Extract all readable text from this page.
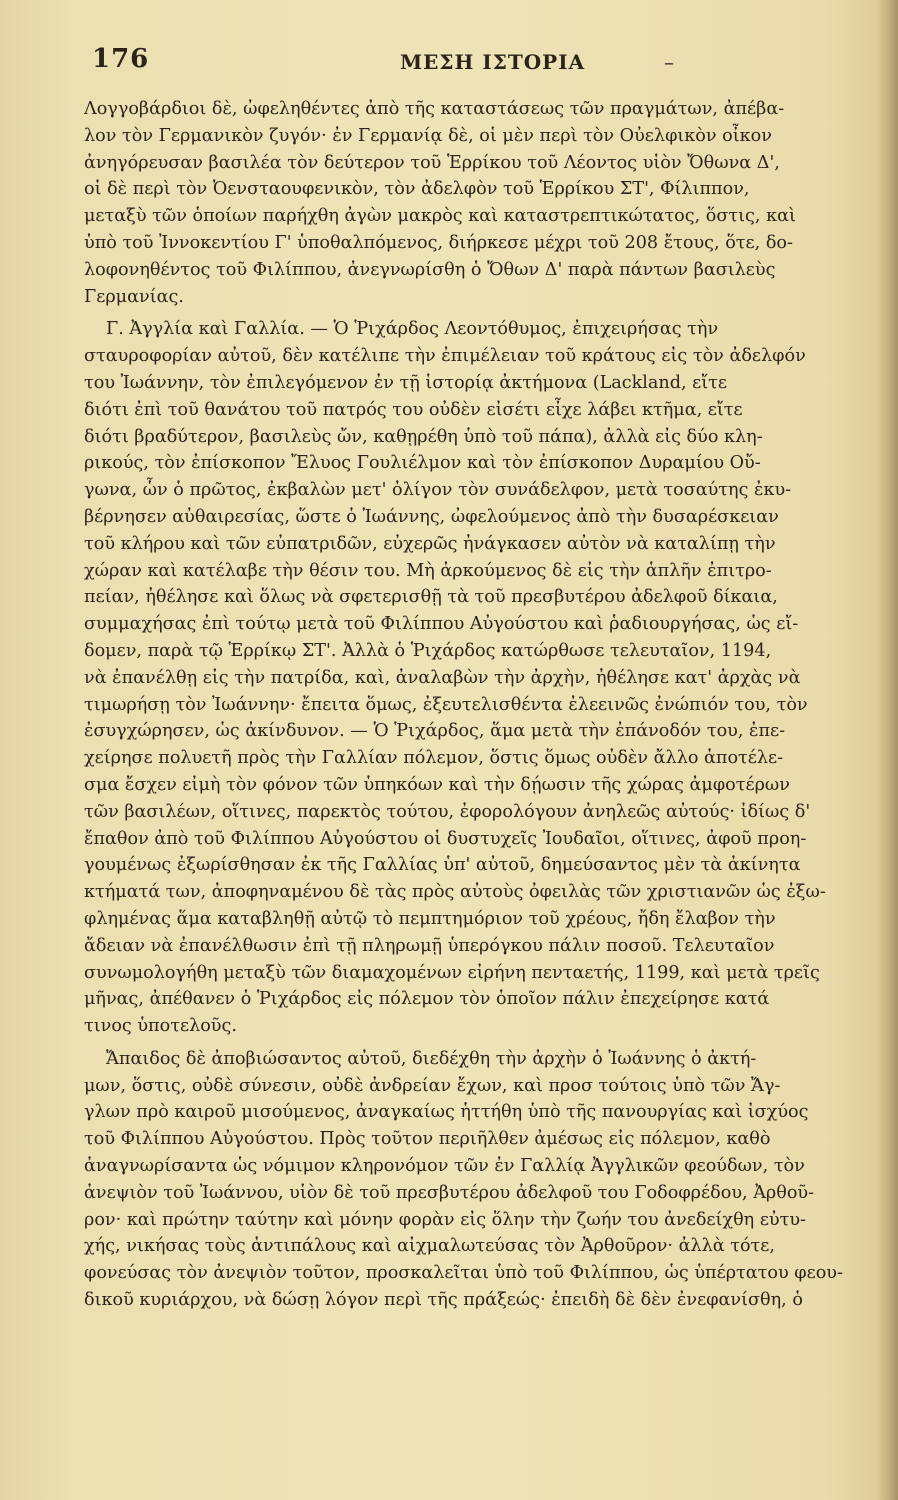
176	ΜΕΣΗ ΙΣΤΟΡΙΑ	–

Λογγοβάρδιοι δὲ, ὠφεληθέντες ἀπὸ τῆς καταστάσεως τῶν πραγμάτων, ἀπέβα-
λον τὸν Γερμανικὸν ζυγόν· ἐν Γερμανίᾳ δὲ, οἱ μὲν περὶ τὸν Οὐελφικὸν οἶκον
ἀνηγόρευσαν βασιλέα τὸν δεύτερον τοῦ Ἑρρίκου τοῦ Λέοντος υἱὸν Ὄθωνα Δ',
οἱ δὲ περὶ τὸν Ὀενσταουφενικὸν, τὸν ἀδελφὸν τοῦ Ἑρρίκου ΣΤ', Φίλιππον,
μεταξὺ τῶν ὁποίων παρήχθη ἀγὼν μακρὸς καὶ καταστρεπτικώτατος, ὅστις, καὶ
ὑπὸ τοῦ Ἰννοκεντίου Γ' ὑποθαλπόμενος, διήρκεσε μέχρι τοῦ 208 ἔτους, ὅτε, δο-
λοφονηθέντος τοῦ Φιλίππου, ἀνεγνωρίσθη ὁ Ὄθων Δ' παρὰ πάντων βασιλεὺς
Γερμανίας.

Γ. Ἀγγλία καὶ Γαλλία. — Ὁ Ῥιχάρδος Λεοντόθυμος, ἐπιχειρήσας τὴν
σταυροφορίαν αὐτοῦ, δὲν κατέλιπε τὴν ἐπιμέλειαν τοῦ κράτους εἰς τὸν ἀδελφόν
του Ἰωάννην, τὸν ἐπιλεγόμενον ἐν τῇ ἱστορίᾳ ἀκτήμονα (Lackland, εἴτε
διότι ἐπὶ τοῦ θανάτου τοῦ πατρός του οὐδὲν εἰσέτι εἶχε λάβει κτῆμα, εἴτε
διότι βραδύτερον, βασιλεὺς ὤν, καθῃρέθη ὑπὸ τοῦ πάπα), ἀλλὰ εἰς δύο κλη-
ρικούς, τὸν ἐπίσκοπον Ἔλυος Γουλιέλμον καὶ τὸν ἐπίσκοπον Δυραμίου Οὔ-
γωνα, ὧν ὁ πρῶτος, ἐκβαλὼν μετ' ὀλίγον τὸν συνάδελφον, μετὰ τοσαύτης ἐκυ-
βέρνησεν αὐθαιρεσίας, ὥστε ὁ Ἰωάννης, ὠφελούμενος ἀπὸ τὴν δυσαρέσκειαν
τοῦ κλήρου καὶ τῶν εὐπατριδῶν, εὐχερῶς ἠνάγκασεν αὐτὸν νὰ καταλίπῃ τὴν
χώραν καὶ κατέλαβε τὴν θέσιν του. Μὴ ἀρκούμενος δὲ εἰς τὴν ἁπλῆν ἐπιτρο-
πείαν, ἠθέλησε καὶ ὅλως νὰ σφετερισθῇ τὰ τοῦ πρεσβυτέρου ἀδελφοῦ δίκαια,
συμμαχήσας ἐπὶ τούτῳ μετὰ τοῦ Φιλίππου Αὐγούστου καὶ ῥαδιουργήσας, ὡς εἴ-
δομεν, παρὰ τῷ Ἑρρίκῳ ΣΤ'. Ἀλλὰ ὁ Ῥιχάρδος κατώρθωσε τελευταῖον, 1194,
νὰ ἐπανέλθῃ εἰς τὴν πατρίδα, καὶ, ἀναλαβὼν τὴν ἀρχὴν, ἠθέλησε κατ' ἀρχὰς νὰ
τιμωρήσῃ τὸν Ἰωάννην· ἔπειτα ὅμως, ἐξευτελισθέντα ἐλεεινῶς ἐνώπιόν του, τὸν
ἐσυγχώρησεν, ὡς ἀκίνδυνον. — Ὁ Ῥιχάρδος, ἅμα μετὰ τὴν ἐπάνοδόν του, ἐπε-
χείρησε πολυετῆ πρὸς τὴν Γαλλίαν πόλεμον, ὅστις ὅμως οὐδὲν ἄλλο ἀποτέλε-
σμα ἔσχεν εἰμὴ τὸν φόνον τῶν ὑπηκόων καὶ τὴν δῄωσιν τῆς χώρας ἀμφοτέρων
τῶν βασιλέων, οἵτινες, παρεκτὸς τούτου, ἐφορολόγουν ἀνηλεῶς αὐτούς· ἰδίως δ'
ἔπαθον ἀπὸ τοῦ Φιλίππου Αὐγούστου οἱ δυστυχεῖς Ἰουδαῖοι, οἵτινες, ἀφοῦ προη-
γουμένως ἐξωρίσθησαν ἐκ τῆς Γαλλίας ὑπ' αὐτοῦ, δημεύσαντος μὲν τὰ ἀκίνητα
κτήματά των, ἀποφηναμένου δὲ τὰς πρὸς αὐτοὺς ὀφειλὰς τῶν χριστιανῶν ὡς ἐξω-
φλημένας ἅμα καταβληθῇ αὐτῷ τὸ πεμπτημόριον τοῦ χρέους, ἤδη ἔλαβον τὴν
ἄδειαν νὰ ἐπανέλθωσιν ἐπὶ τῇ πληρωμῇ ὑπερόγκου πάλιν ποσοῦ. Τελευταῖον
συνωμολογήθη μεταξὺ τῶν διαμαχομένων εἰρήνη πενταετής, 1199, καὶ μετὰ τρεῖς
μῆνας, ἀπέθανεν ὁ Ῥιχάρδος εἰς πόλεμον τὸν ὁποῖον πάλιν ἐπεχείρησε κατά
τινος ὑποτελοῦς.

Ἄπαιδος δὲ ἀποβιώσαντος αὐτοῦ, διεδέχθη τὴν ἀρχὴν ὁ Ἰωάννης ὁ ἀκτή-
μων, ὅστις, οὐδὲ σύνεσιν, οὐδὲ ἀνδρείαν ἔχων, καὶ προσ τούτοις ὑπὸ τῶν Ἄγ-
γλων πρὸ καιροῦ μισούμενος, ἀναγκαίως ἡττήθη ὑπὸ τῆς πανουργίας καὶ ἰσχύος
τοῦ Φιλίππου Αὐγούστου. Πρὸς τοῦτον περιῆλθεν ἀμέσως εἰς πόλεμον, καθὸ
ἀναγνωρίσαντα ὡς νόμιμον κληρονόμον τῶν ἐν Γαλλίᾳ Ἀγγλικῶν φεούδων, τὸν
ἀνεψιὸν τοῦ Ἰωάννου, υἱὸν δὲ τοῦ πρεσβυτέρου ἀδελφοῦ του Γοδοφρέδου, Ἀρθοῦ-
ρον· καὶ πρώτην ταύτην καὶ μόνην φορὰν εἰς ὅλην τὴν ζωήν του ἀνεδείχθη εὐτυ-
χής, νικήσας τοὺς ἀντιπάλους καὶ αἰχμαλωτεύσας τὸν Ἀρθοῦρον· ἀλλὰ τότε,
φονεύσας τὸν ἀνεψιὸν τοῦτον, προσκαλεῖται ὑπὸ τοῦ Φιλίππου, ὡς ὑπέρτατου φεου-
δικοῦ κυριάρχου, νὰ δώσῃ λόγον περὶ τῆς πράξεώς· ἐπειδὴ δὲ δὲν ἐνεφανίσθη, ὁ
